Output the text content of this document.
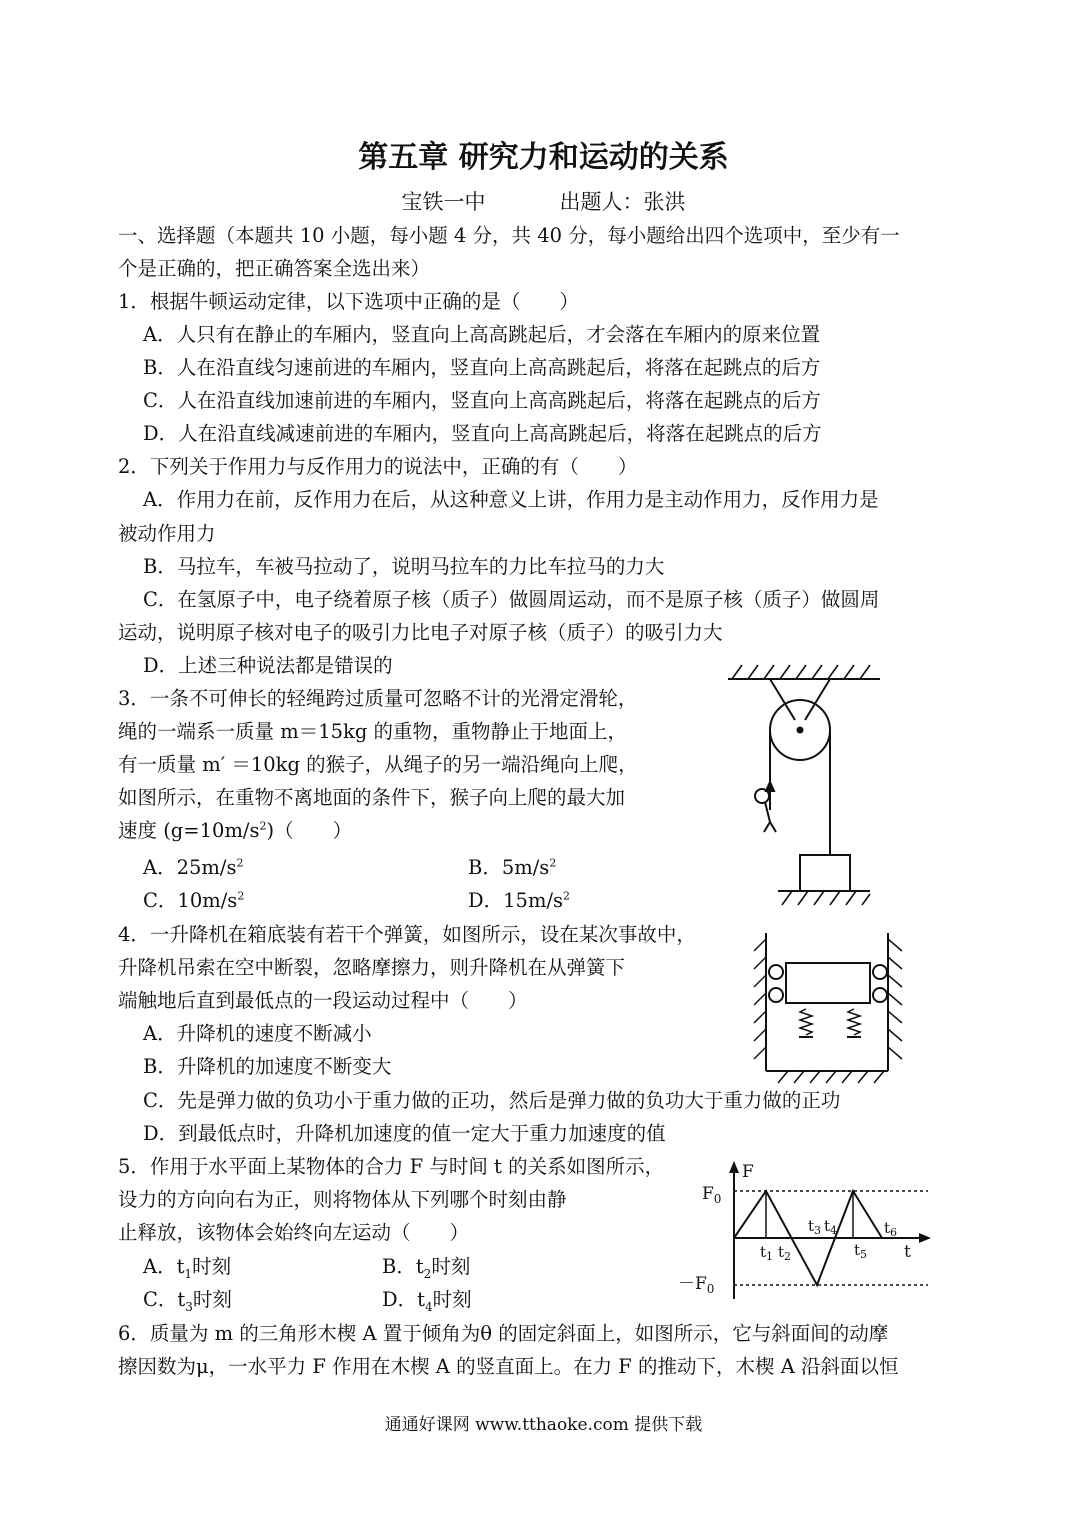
第五章 研究力和运动的关系
宝铁一中	出题人：张洪
一、选择题（本题共 10 小题，每小题 4 分，共 40 分，每小题给出四个选项中，至少有一
个是正确的，把正确答案全选出来）
1．根据牛顿运动定律，以下选项中正确的是（　　）
A．人只有在静止的车厢内，竖直向上高高跳起后，才会落在车厢内的原来位置
B．人在沿直线匀速前进的车厢内，竖直向上高高跳起后，将落在起跳点的后方
C．人在沿直线加速前进的车厢内，竖直向上高高跳起后，将落在起跳点的后方
D．人在沿直线减速前进的车厢内，竖直向上高高跳起后，将落在起跳点的后方
2．下列关于作用力与反作用力的说法中，正确的有（　　）
A．作用力在前，反作用力在后，从这种意义上讲，作用力是主动作用力，反作用力是
被动作用力
B．马拉车，车被马拉动了，说明马拉车的力比车拉马的力大
C．在氢原子中，电子绕着原子核（质子）做圆周运动，而不是原子核（质子）做圆周
运动，说明原子核对电子的吸引力比电子对原子核（质子）的吸引力大
D．上述三种说法都是错误的
3．一条不可伸长的轻绳跨过质量可忽略不计的光滑定滑轮，
绳的一端系一质量 m＝15kg 的重物，重物静止于地面上，
有一质量 m′ ＝10kg 的猴子，从绳子的另一端沿绳向上爬，
如图所示，在重物不离地面的条件下，猴子向上爬的最大加
速度 $(g=10m/s^2)$（　　）
A．$25m/s^2$	B．$5m/s^2$
C．$10m/s^2$	D．$15m/s^2$
4．一升降机在箱底装有若干个弹簧，如图所示，设在某次事故中，
升降机吊索在空中断裂，忽略摩擦力，则升降机在从弹簧下
端触地后直到最低点的一段运动过程中（　　）
A．升降机的速度不断减小
B．升降机的加速度不断变大
C．先是弹力做的负功小于重力做的正功，然后是弹力做的负功大于重力做的正功
D．到最低点时，升降机加速度的值一定大于重力加速度的值
5．作用于水平面上某物体的合力 F 与时间 t 的关系如图所示，
设力的方向向右为正，则将物体从下列哪个时刻由静
止释放，该物体会始终向左运动（　　）
A．$t_1$时刻	B．$t_2$时刻
C．$t_3$时刻	D．$t_4$时刻
6．质量为 m 的三角形木楔 A 置于倾角为θ 的固定斜面上，如图所示，它与斜面间的动摩
擦因数为μ，一水平力 F 作用在木楔 A 的竖直面上。在力 F 的推动下，木楔 A 沿斜面以恒
通通好课网 www.tthaoke.com 提供下载
F
$F_0$
$-F_0$
t
$t_1$ $t_2$
$t_3$ $t_4$
$t_5$
$t_6$
